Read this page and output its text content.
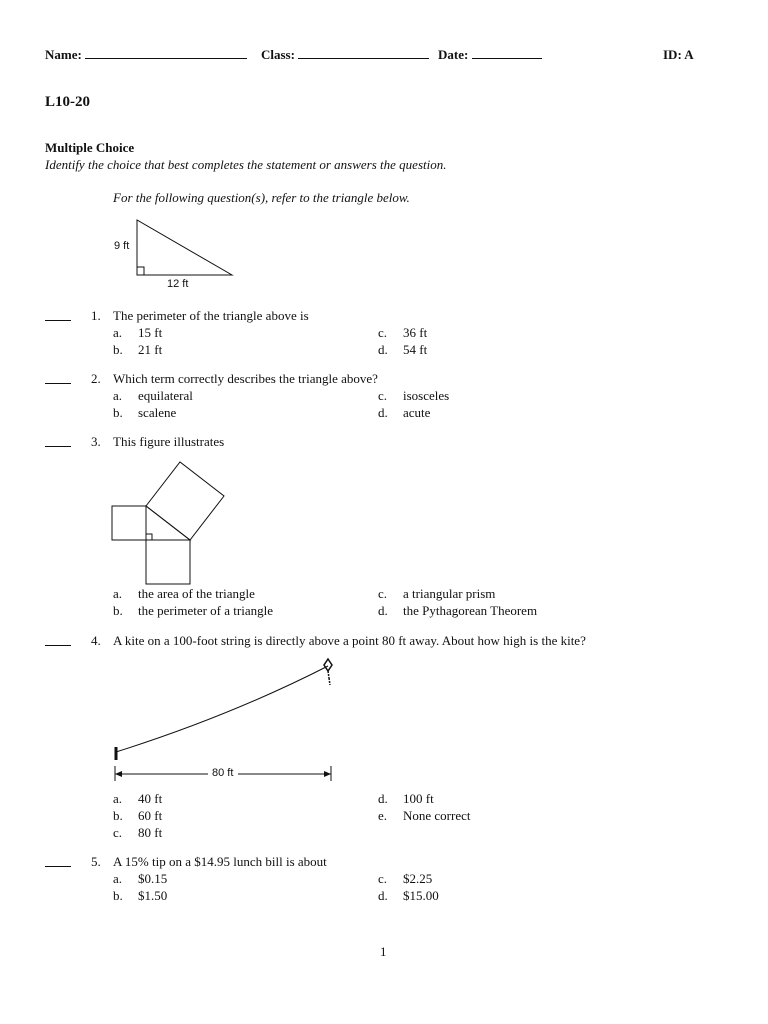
Name:	Class:	Date:	ID: A
L10-20
Multiple Choice
Identify the choice that best completes the statement or answers the question.
For the following question(s), refer to the triangle below.
9 ft
12 ft
1. The perimeter of the triangle above is
a. 15 ft
b. 21 ft
c. 36 ft
d. 54 ft
2. Which term correctly describes the triangle above?
a. equilateral
b. scalene
c. isosceles
d. acute
3. This figure illustrates
a. the area of the triangle
b. the perimeter of a triangle
c. a triangular prism
d. the Pythagorean Theorem
4. A kite on a 100-foot string is directly above a point 80 ft away. About how high is the kite?
80 ft
a. 40 ft
b. 60 ft
c. 80 ft
d. 100 ft
e. None correct
5. A 15% tip on a $14.95 lunch bill is about
a. $0.15
b. $1.50
c. $2.25
d. $15.00
1
